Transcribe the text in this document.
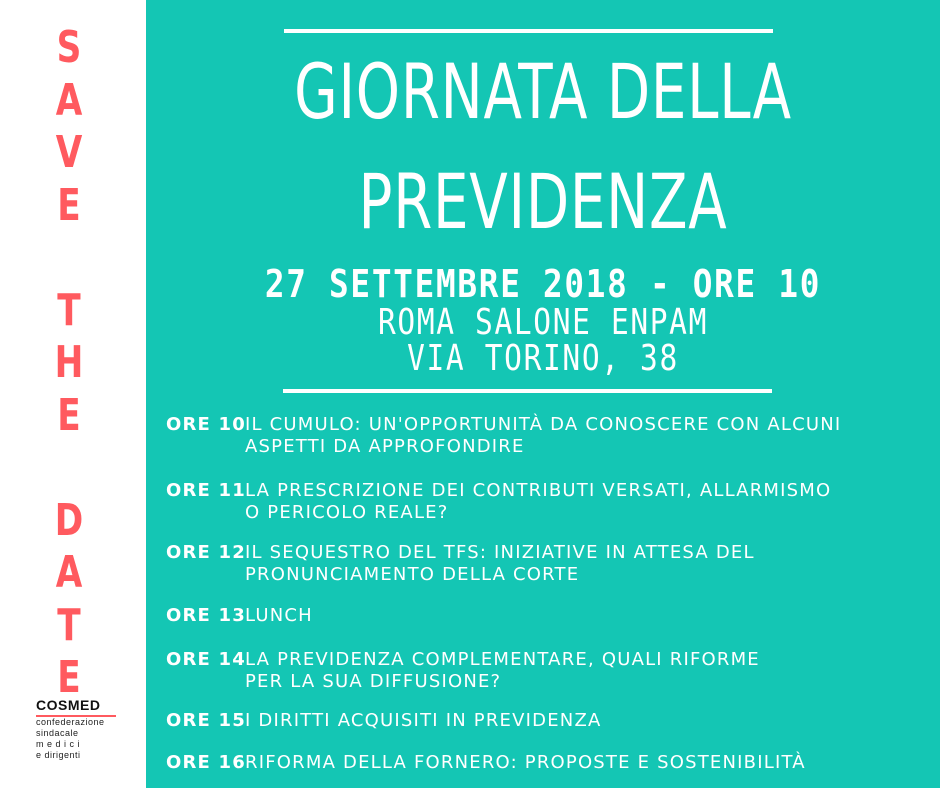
S
A
V
E
T
H
E
D
A
T
E
COSMED
confederazione
sindacale
m e d i c i
e dirigenti
GIORNATA DELLA
PREVIDENZA
27 SETTEMBRE 2018 - ORE 10
ROMA SALONE ENPAM
VIA TORINO, 38
ORE 10 IL CUMULO: UN'OPPORTUNITÀ DA CONOSCERE CON ALCUNI
ASPETTI DA APPROFONDIRE
ORE 11 LA PRESCRIZIONE DEI CONTRIBUTI VERSATI, ALLARMISMO
O PERICOLO REALE?
ORE 12 IL SEQUESTRO DEL TFS: INIZIATIVE IN ATTESA DEL
PRONUNCIAMENTO DELLA CORTE
ORE 13 LUNCH
ORE 14 LA PREVIDENZA COMPLEMENTARE, QUALI RIFORME
PER LA SUA DIFFUSIONE?
ORE 15 I DIRITTI ACQUISITI IN PREVIDENZA
ORE 16 RIFORMA DELLA FORNERO: PROPOSTE E SOSTENIBILITÀ
